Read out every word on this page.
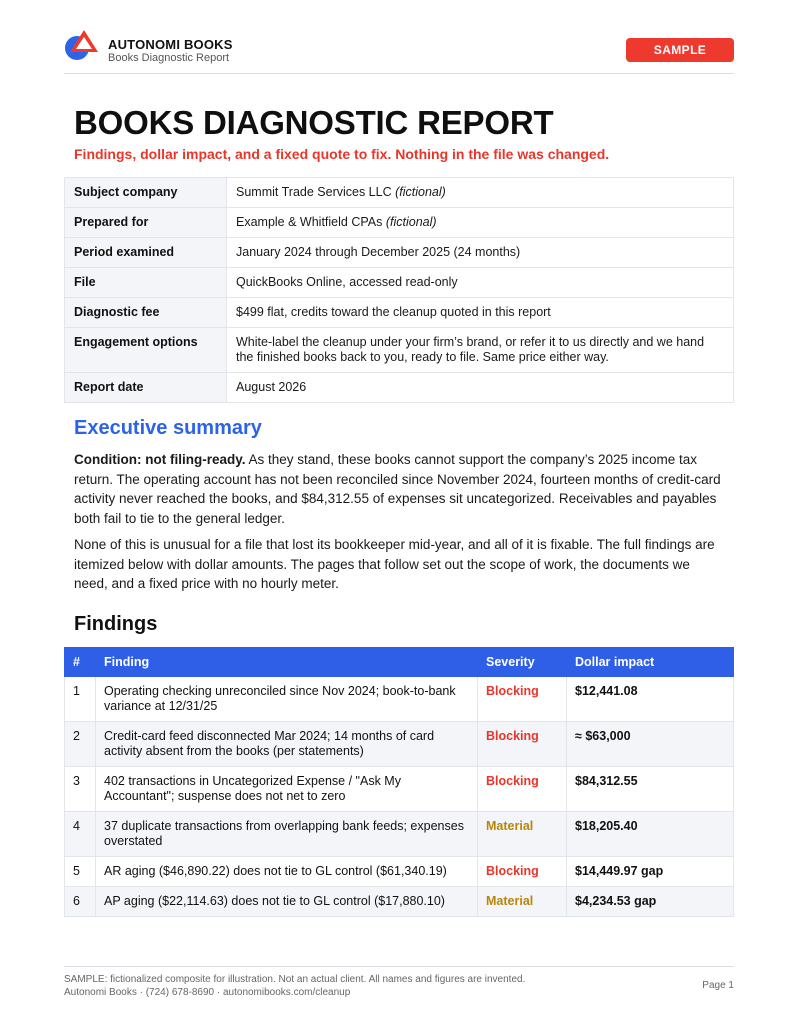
AUTONOMI BOOKS
Books Diagnostic Report
SAMPLE
BOOKS DIAGNOSTIC REPORT
Findings, dollar impact, and a fixed quote to fix. Nothing in the file was changed.
Subject company	Summit Trade Services LLC (fictional)
Prepared for	Example & Whitfield CPAs (fictional)
Period examined	January 2024 through December 2025 (24 months)
File	QuickBooks Online, accessed read-only
Diagnostic fee	$499 flat, credits toward the cleanup quoted in this report
Engagement options	White-label the cleanup under your firm’s brand, or refer it to us directly and we hand the finished books back to you, ready to file. Same price either way.
Report date	August 2026
Executive summary
Condition: not filing-ready. As they stand, these books cannot support the company’s 2025 income tax return. The operating account has not been reconciled since November 2024, fourteen months of credit-card activity never reached the books, and $84,312.55 of expenses sit uncategorized. Receivables and payables both fail to tie to the general ledger.
None of this is unusual for a file that lost its bookkeeper mid-year, and all of it is fixable. The full findings are itemized below with dollar amounts. The pages that follow set out the scope of work, the documents we need, and a fixed price with no hourly meter.
Findings
#	Finding	Severity	Dollar impact
1	Operating checking unreconciled since Nov 2024; book-to-bank variance at 12/31/25	Blocking	$12,441.08
2	Credit-card feed disconnected Mar 2024; 14 months of card activity absent from the books (per statements)	Blocking	≈ $63,000
3	402 transactions in Uncategorized Expense / "Ask My Accountant"; suspense does not net to zero	Blocking	$84,312.55
4	37 duplicate transactions from overlapping bank feeds; expenses overstated	Material	$18,205.40
5	AR aging ($46,890.22) does not tie to GL control ($61,340.19)	Blocking	$14,449.97 gap
6	AP aging ($22,114.63) does not tie to GL control ($17,880.10)	Material	$4,234.53 gap
SAMPLE: fictionalized composite for illustration. Not an actual client. All names and figures are invented.
Autonomi Books · (724) 678-8690 · autonomibooks.com/cleanup
Page 1
